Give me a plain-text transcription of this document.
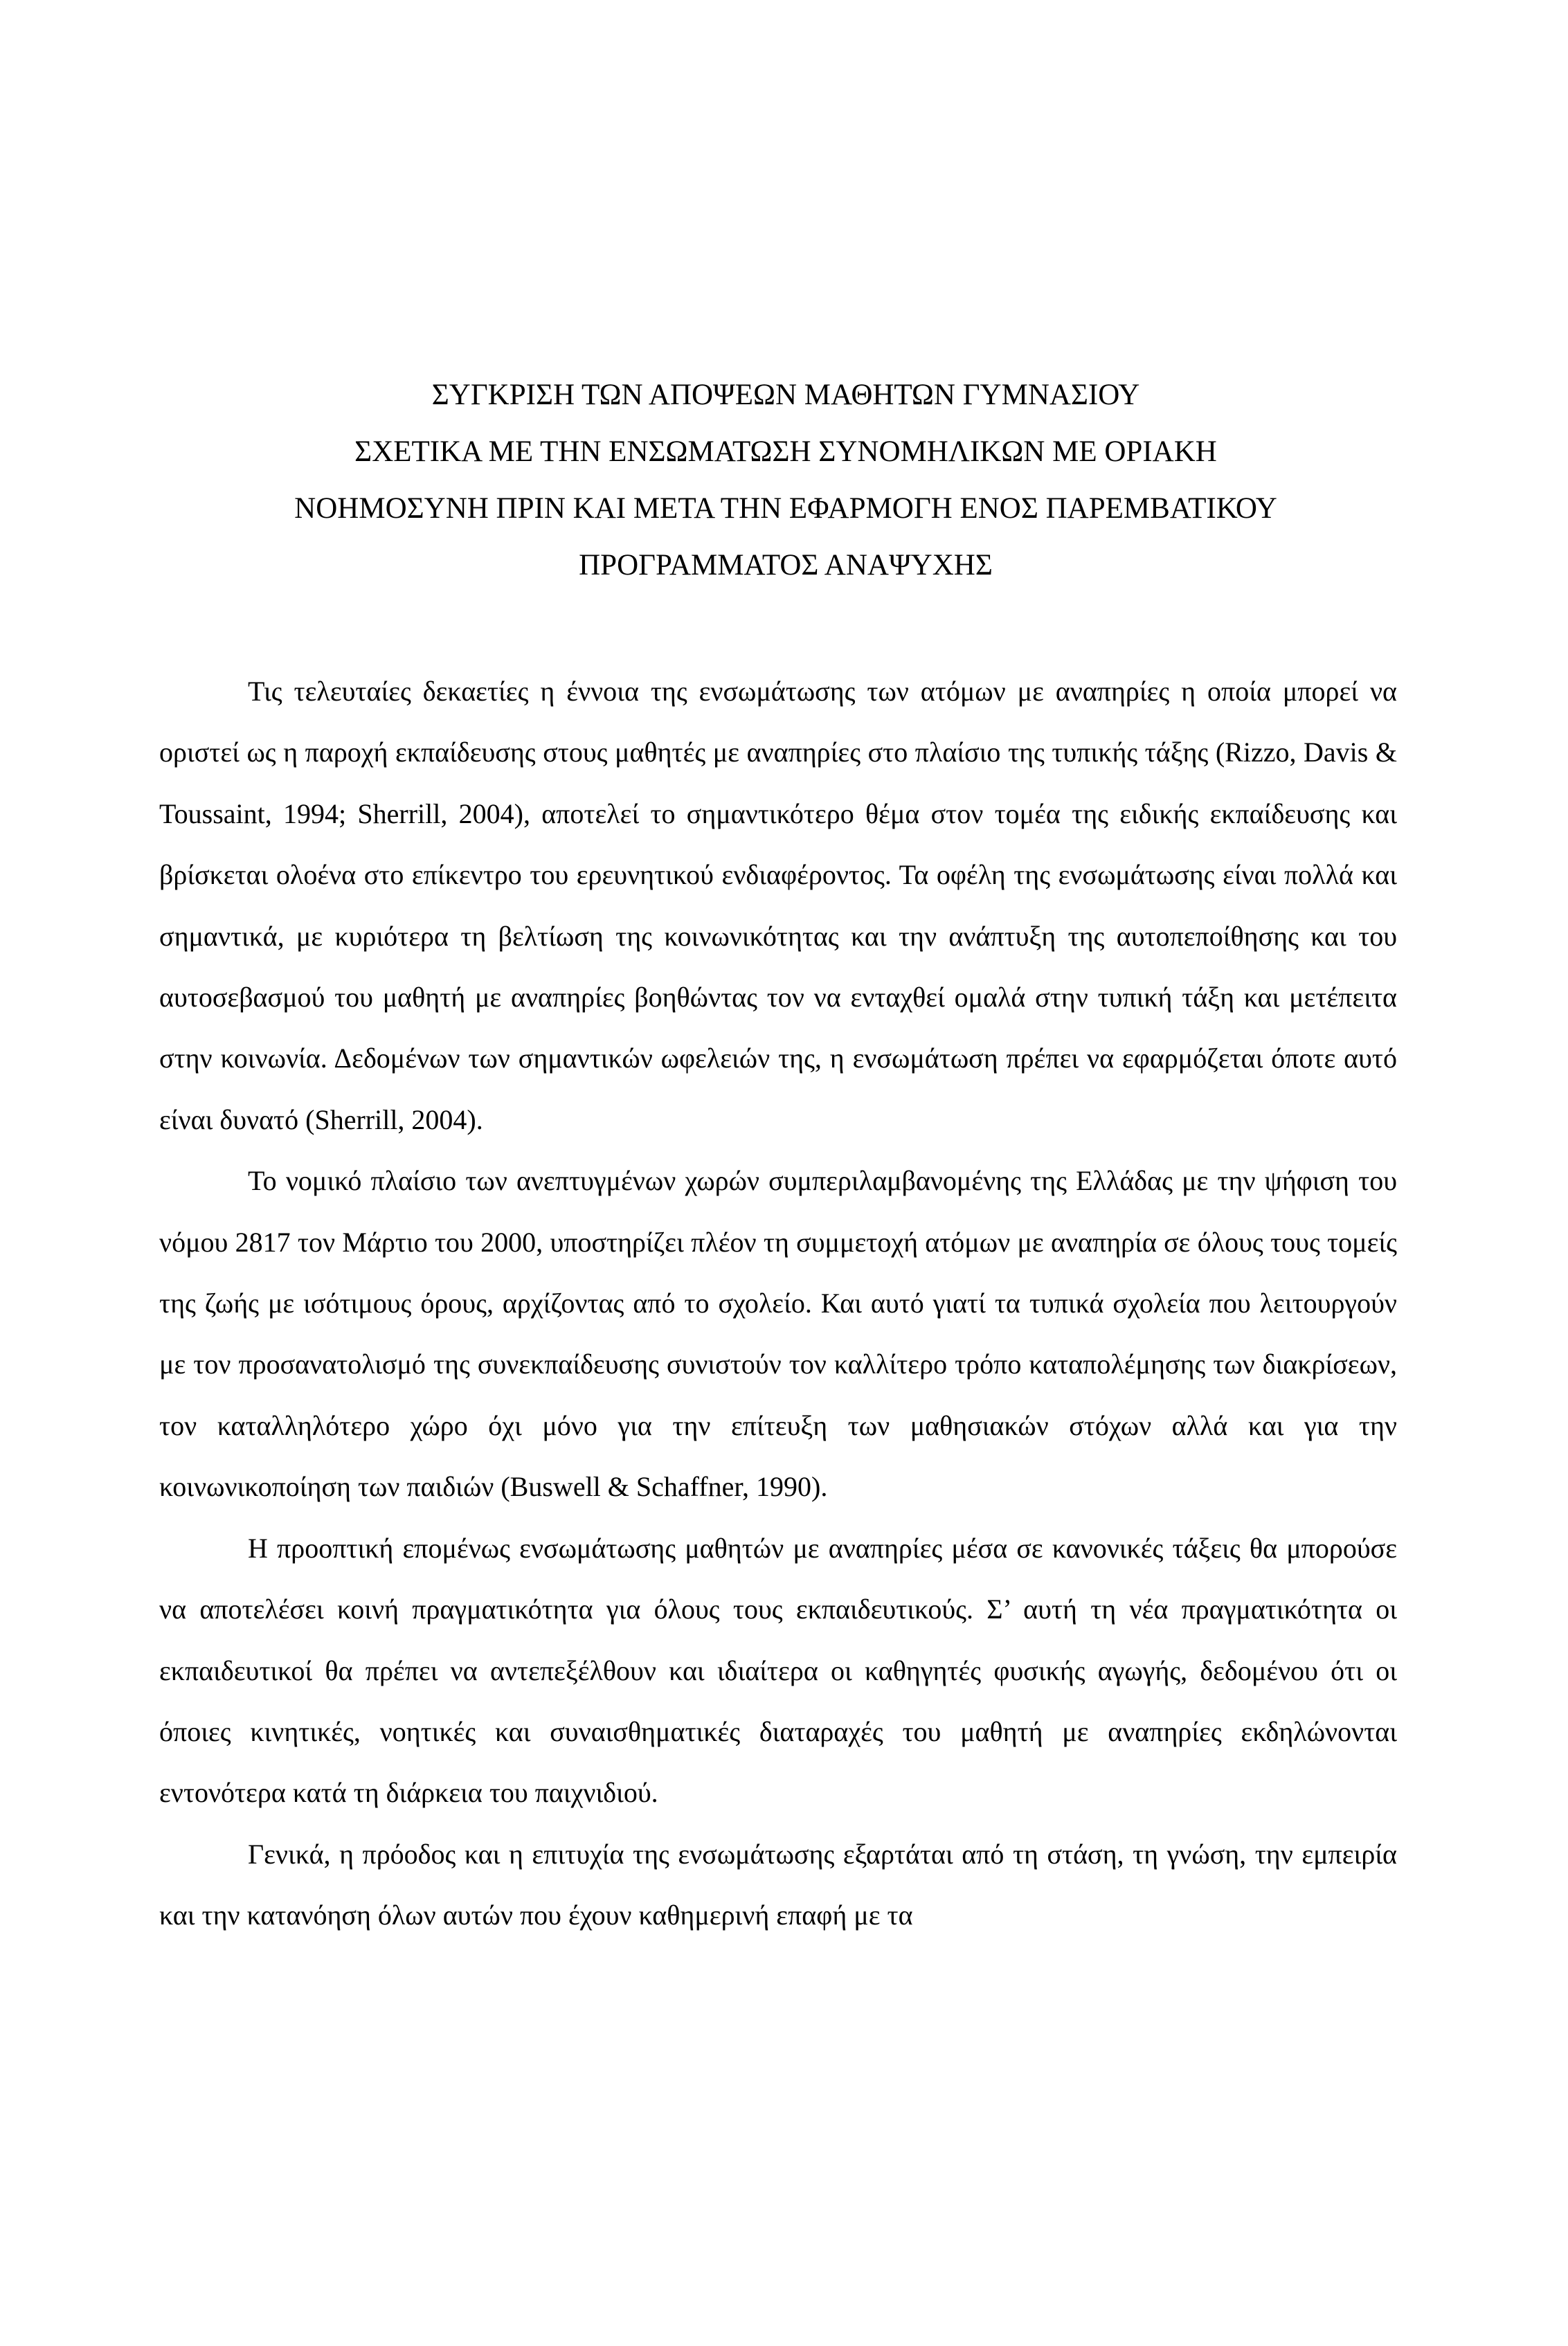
ΣΥΓΚΡΙΣΗ ΤΩΝ ΑΠΟΨΕΩΝ ΜΑΘΗΤΩΝ ΓΥΜΝΑΣΙΟΥ

ΣΧΕΤΙΚΑ ΜΕ ΤΗΝ ΕΝΣΩΜΑΤΩΣΗ ΣΥΝΟΜΗΛΙΚΩΝ ΜΕ ΟΡΙΑΚΗ

ΝΟΗΜΟΣΥΝΗ ΠΡΙΝ ΚΑΙ ΜΕΤΑ ΤΗΝ ΕΦΑΡΜΟΓΗ ΕΝΟΣ ΠΑΡΕΜΒΑΤΙΚΟΥ

ΠΡΟΓΡΑΜΜΑΤΟΣ ΑΝΑΨΥΧΗΣ

Τις τελευταίες δεκαετίες η έννοια της ενσωμάτωσης των ατόμων με αναπηρίες η οποία μπορεί να οριστεί ως η παροχή εκπαίδευσης στους μαθητές με αναπηρίες στο πλαίσιο της τυπικής τάξης (Rizzo, Davis & Toussaint, 1994; Sherrill, 2004), αποτελεί το σημαντικότερο θέμα στον τομέα της ειδικής εκπαίδευσης και βρίσκεται ολοένα στο επίκεντρο του ερευνητικού ενδιαφέροντος. Τα οφέλη της ενσωμάτωσης είναι πολλά και σημαντικά, με κυριότερα τη βελτίωση της κοινωνικότητας και την ανάπτυξη της αυτοπεποίθησης και του αυτοσεβασμού του μαθητή με αναπηρίες βοηθώντας τον να ενταχθεί ομαλά στην τυπική τάξη και μετέπειτα στην κοινωνία. Δεδομένων των σημαντικών ωφελειών της, η ενσωμάτωση πρέπει να εφαρμόζεται όποτε αυτό είναι δυνατό (Sherrill, 2004).

Το νομικό πλαίσιο των ανεπτυγμένων χωρών συμπεριλαμβανομένης της Ελλάδας με την ψήφιση του νόμου 2817 τον Μάρτιο του 2000, υποστηρίζει πλέον τη συμμετοχή ατόμων με αναπηρία σε όλους τους τομείς της ζωής με ισότιμους όρους, αρχίζοντας από το σχολείο. Και αυτό γιατί τα τυπικά σχολεία που λειτουργούν με τον προσανατολισμό της συνεκπαίδευσης συνιστούν τον καλλίτερο τρόπο καταπολέμησης των διακρίσεων, τον καταλληλότερο χώρο όχι μόνο για την επίτευξη των μαθησιακών στόχων αλλά και για την κοινωνικοποίηση των παιδιών (Buswell & Schaffner, 1990).

Η προοπτική επομένως ενσωμάτωσης μαθητών με αναπηρίες μέσα σε κανονικές τάξεις θα μπορούσε να αποτελέσει κοινή πραγματικότητα για όλους τους εκπαιδευτικούς. Σ’ αυτή τη νέα πραγματικότητα οι εκπαιδευτικοί θα πρέπει να αντεπεξέλθουν και ιδιαίτερα οι καθηγητές φυσικής αγωγής, δεδομένου ότι οι όποιες κινητικές, νοητικές και συναισθηματικές διαταραχές του μαθητή με αναπηρίες εκδηλώνονται εντονότερα κατά τη διάρκεια του παιχνιδιού.

Γενικά, η πρόοδος και η επιτυχία της ενσωμάτωσης εξαρτάται από τη στάση, τη γνώση, την εμπειρία και την κατανόηση όλων αυτών που έχουν καθημερινή επαφή με τα
